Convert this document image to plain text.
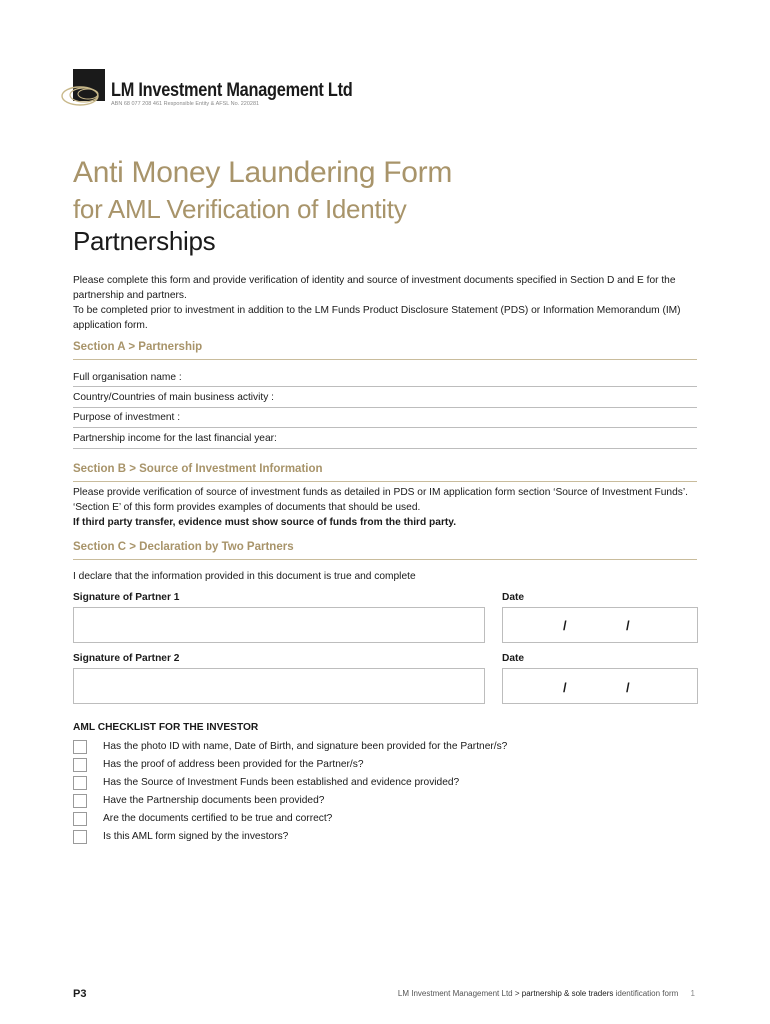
LM Investment Management Ltd
ABN 68 077 208 461 Responsible Entity & AFSL No. 220281
Anti Money Laundering Form
for AML Verification of Identity
Partnerships
Please complete this form and provide verification of identity and source of investment documents specified in Section D and E for the partnership and partners.
To be completed prior to investment in addition to the LM Funds Product Disclosure Statement (PDS) or Information Memorandum (IM) application form.
Section A > Partnership
Full organisation name :
Country/Countries of main business activity :
Purpose of investment :
Partnership income for the last financial year:
Section B > Source of Investment Information
Please provide verification of source of investment funds as detailed in PDS or IM application form section ‘Source of Investment Funds’. ‘Section E’ of this form provides examples of documents that should be used.
If third party transfer, evidence must show source of funds from the third party.
Section C > Declaration by Two Partners
I declare that the information provided in this document is true and complete
Signature of Partner 1	Date
/	/
Signature of Partner 2	Date
/	/
AML CHECKLIST FOR THE INVESTOR
Has the photo ID with name, Date of Birth, and signature been provided for the Partner/s?
Has the proof of address been provided for the Partner/s?
Has the Source of Investment Funds been established and evidence provided?
Have the Partnership documents been provided?
Are the documents certified to be true and correct?
Is this AML form signed by the investors?
P3	LM Investment Management Ltd > partnership & sole traders identification form 1
